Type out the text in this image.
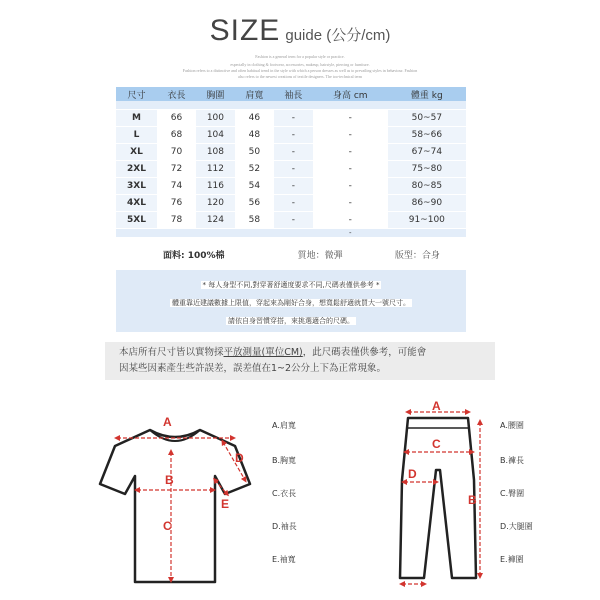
SIZE guide (公分/cm)
Fashion is a general term for a popular style or practice.
especially in clothing & footwear, accessories, makeup, hairstyle, piercing or furniture.
Fashion refers to a distinctive and often habitual trend in the style with which a person dresses as well as to prevailing styles in behaviour. Fashion
also refers to the newest creations of textile designers. The too-technical term
尺寸	衣長	胸圍	肩寬	袖長	身高 cm	體重 kg

M	66	100	46	-	-	50~57
L	68	104	48	-	-	58~66
XL	70	108	50	-	-	67~74
2XL	72	112	52	-	-	75~80
3XL	74	116	54	-	-	80~85
4XL	76	120	56	-	-	86~90
5XL	78	124	58	-	-	91~100
					-	
面料: 100%棉	質地：微彈	版型：合身
* 每人身型不同,對穿著舒適度要求不同,尺碼表僅供參考 *
體重靠近建議數據上限值，穿起來為剛好合身，想寬鬆舒適就買大一號尺寸。
請依自身習慣穿搭，來挑選適合的尺碼。
本店所有尺寸皆以實物採平放測量(單位CM)，此尺碼表僅供參考，可能會
因某些因素產生些許誤差，誤差值在1~2公分上下為正常現象。
A
B
C
D
E
A.肩寬
B.胸寬
C.衣長
D.袖長
E.袖寬
A
C
D
B
A.腰圍
B.褲長
C.臀圍
D.大腿圍
E.褲圍
